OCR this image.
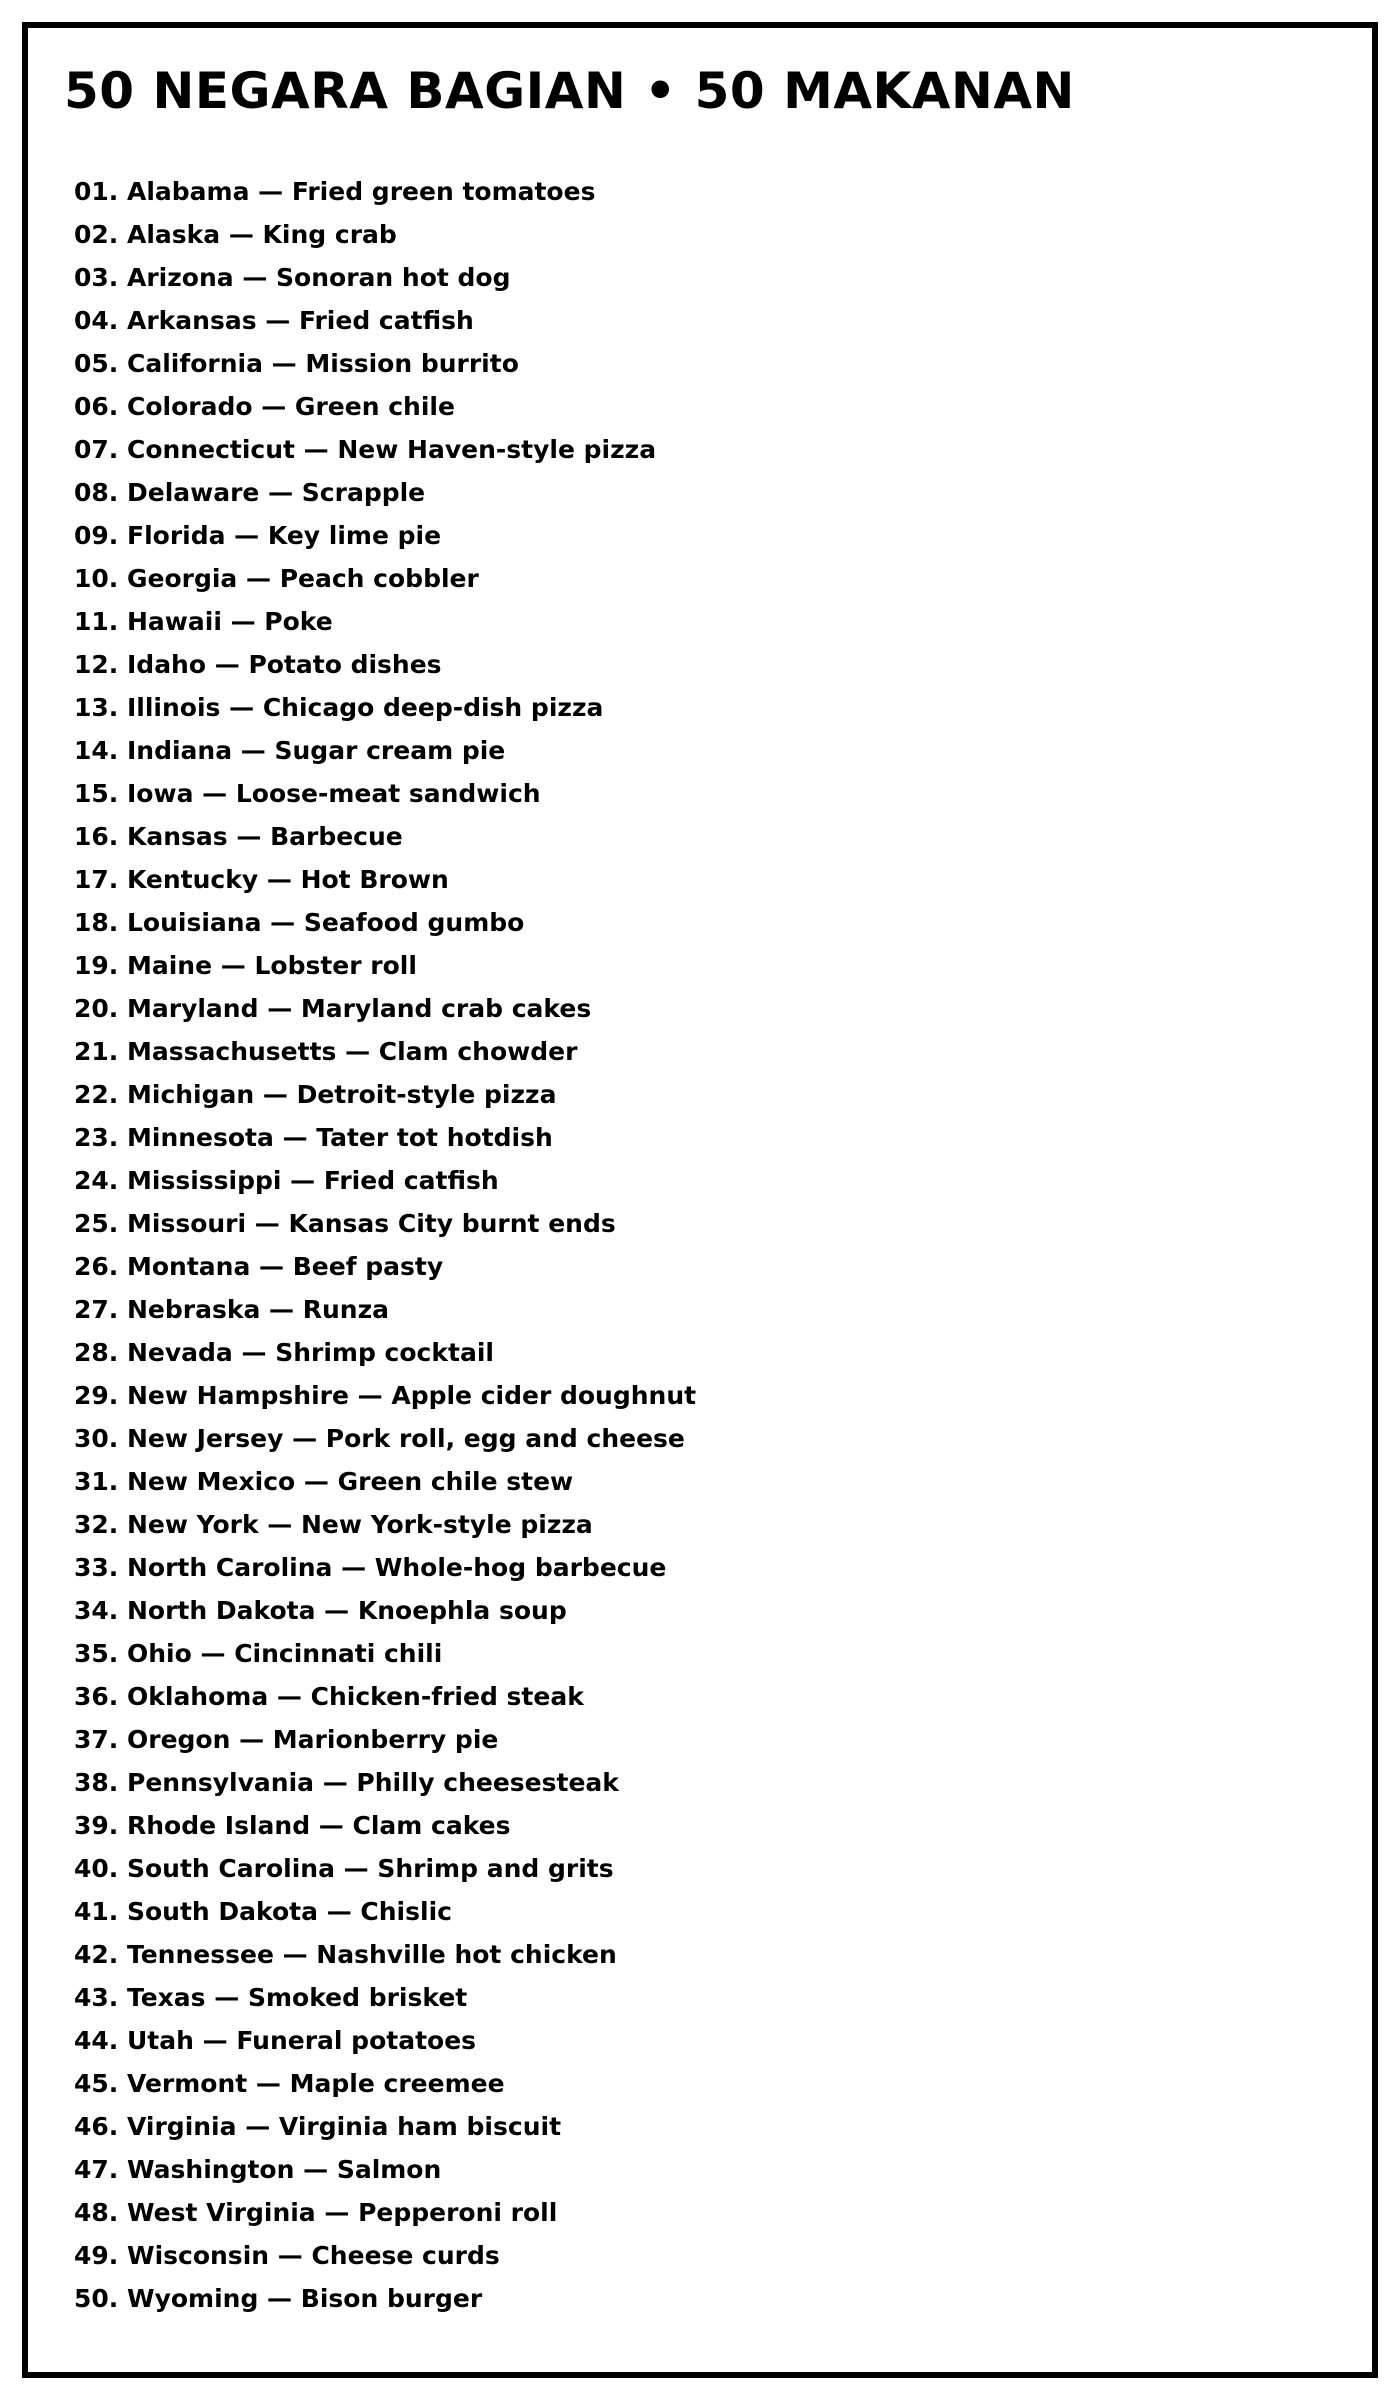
50 NEGARA BAGIAN • 50 MAKANAN
01. Alabama — Fried green tomatoes
02. Alaska — King crab
03. Arizona — Sonoran hot dog
04. Arkansas — Fried catfish
05. California — Mission burrito
06. Colorado — Green chile
07. Connecticut — New Haven-style pizza
08. Delaware — Scrapple
09. Florida — Key lime pie
10. Georgia — Peach cobbler
11. Hawaii — Poke
12. Idaho — Potato dishes
13. Illinois — Chicago deep-dish pizza
14. Indiana — Sugar cream pie
15. Iowa — Loose-meat sandwich
16. Kansas — Barbecue
17. Kentucky — Hot Brown
18. Louisiana — Seafood gumbo
19. Maine — Lobster roll
20. Maryland — Maryland crab cakes
21. Massachusetts — Clam chowder
22. Michigan — Detroit-style pizza
23. Minnesota — Tater tot hotdish
24. Mississippi — Fried catfish
25. Missouri — Kansas City burnt ends
26. Montana — Beef pasty
27. Nebraska — Runza
28. Nevada — Shrimp cocktail
29. New Hampshire — Apple cider doughnut
30. New Jersey — Pork roll, egg and cheese
31. New Mexico — Green chile stew
32. New York — New York-style pizza
33. North Carolina — Whole-hog barbecue
34. North Dakota — Knoephla soup
35. Ohio — Cincinnati chili
36. Oklahoma — Chicken-fried steak
37. Oregon — Marionberry pie
38. Pennsylvania — Philly cheesesteak
39. Rhode Island — Clam cakes
40. South Carolina — Shrimp and grits
41. South Dakota — Chislic
42. Tennessee — Nashville hot chicken
43. Texas — Smoked brisket
44. Utah — Funeral potatoes
45. Vermont — Maple creemee
46. Virginia — Virginia ham biscuit
47. Washington — Salmon
48. West Virginia — Pepperoni roll
49. Wisconsin — Cheese curds
50. Wyoming — Bison burger
